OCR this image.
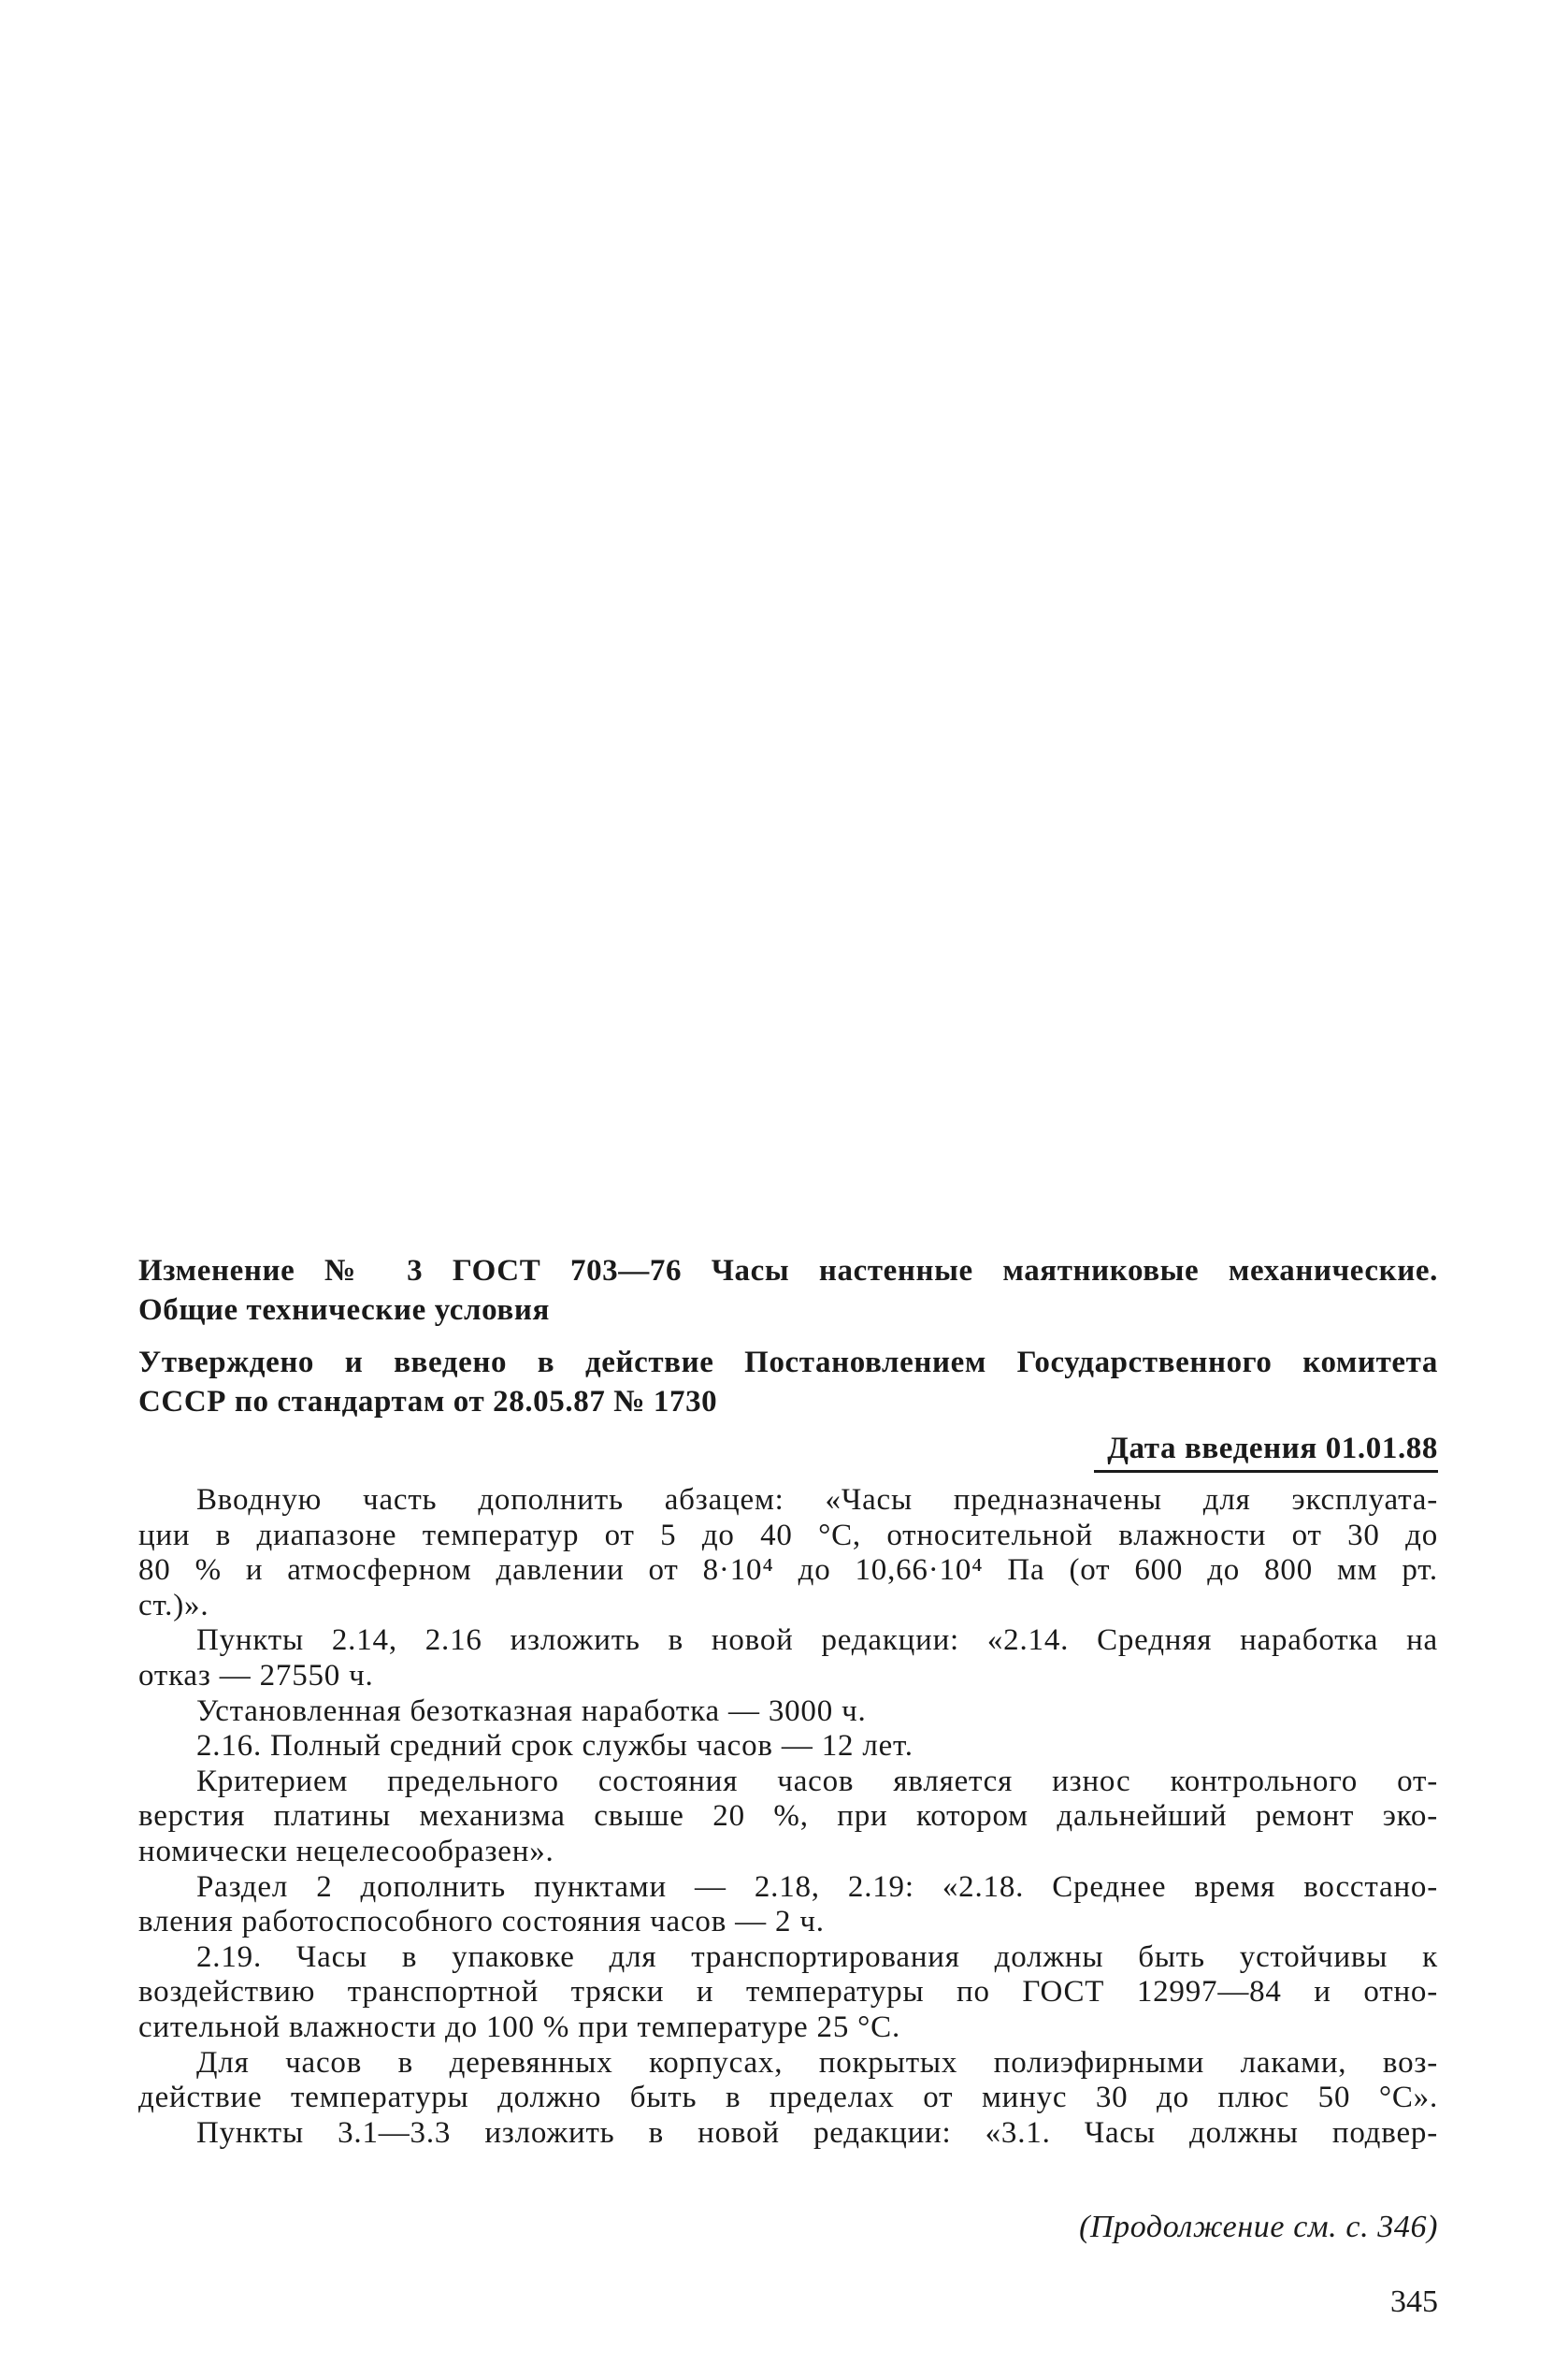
Изменение № 3 ГОСТ 703—76 Часы настенные маятниковые механические.
Общие технические условия
Утверждено и введено в действие Постановлением Государственного комитета
СССР по стандартам от 28.05.87 № 1730
Дата введения 01.01.88
Вводную часть дополнить абзацем: «Часы предназначены для эксплуата-
ции в диапазоне температур от 5 до 40 °С, относительной влажности от 30 до
80 % и атмосферном давлении от 8·10⁴ до 10,66·10⁴ Па (от 600 до 800 мм рт.
ст.)».
Пункты 2.14, 2.16 изложить в новой редакции: «2.14. Средняя наработка на
отказ — 27550 ч.
Установленная безотказная наработка — 3000 ч.
2.16. Полный средний срок службы часов — 12 лет.
Критерием предельного состояния часов является износ контрольного от-
верстия платины механизма свыше 20 %, при котором дальнейший ремонт эко-
номически нецелесообразен».
Раздел 2 дополнить пунктами — 2.18, 2.19: «2.18. Среднее время восстано-
вления работоспособного состояния часов — 2 ч.
2.19. Часы в упаковке для транспортирования должны быть устойчивы к
воздействию транспортной тряски и температуры по ГОСТ 12997—84 и отно-
сительной влажности до 100 % при температуре 25 °С.
Для часов в деревянных корпусах, покрытых полиэфирными лаками, воз-
действие температуры должно быть в пределах от минус 30 до плюс 50 °С».
Пункты 3.1—3.3 изложить в новой редакции: «3.1. Часы должны подвер-
(Продолжение см. с. 346)
345
